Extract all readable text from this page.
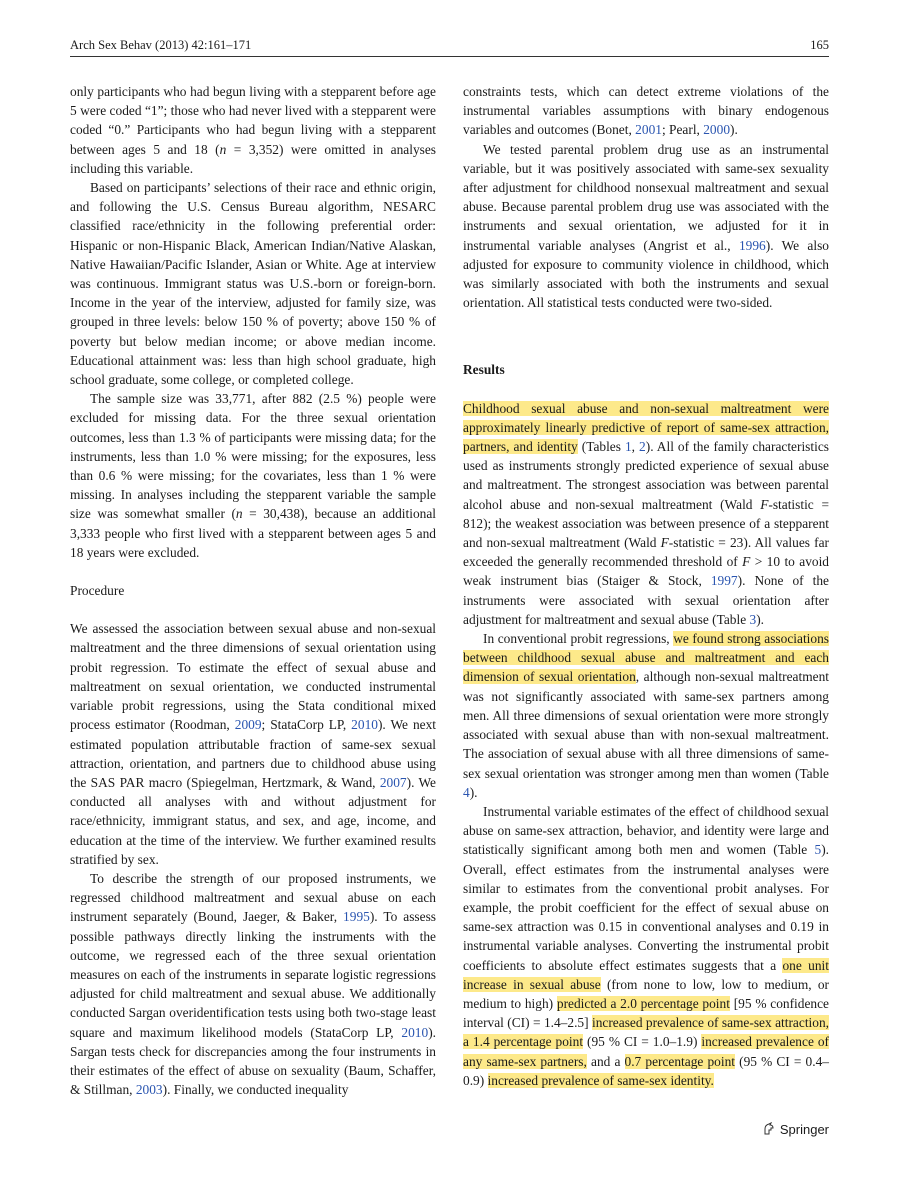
Arch Sex Behav (2013) 42:161–171	165

only participants who had begun living with a stepparent before age 5 were coded “1”; those who had never lived with a stepparent were coded “0.” Participants who had begun living with a stepparent between ages 5 and 18 (n = 3,352) were omitted in analyses including this variable.

Based on participants’ selections of their race and ethnic origin, and following the U.S. Census Bureau algorithm, NESARC classified race/ethnicity in the following preferential order: Hispanic or non-Hispanic Black, American Indian/Native Alaskan, Native Hawaiian/Pacific Islander, Asian or White. Age at interview was continuous. Immigrant status was U.S.-born or foreign-born. Income in the year of the interview, adjusted for family size, was grouped in three levels: below 150 % of poverty; above 150 % of poverty but below median income; or above median income. Educational attainment was: less than high school graduate, high school graduate, some college, or completed college.

The sample size was 33,771, after 882 (2.5 %) people were excluded for missing data. For the three sexual orientation outcomes, less than 1.3 % of participants were missing data; for the instruments, less than 1.0 % were missing; for the exposures, less than 0.6 % were missing; for the covariates, less than 1 % were missing. In analyses including the stepparent variable the sample size was somewhat smaller (n = 30,438), because an additional 3,333 people who first lived with a stepparent between ages 5 and 18 years were excluded.

Procedure

We assessed the association between sexual abuse and non-sexual maltreatment and the three dimensions of sexual orientation using probit regression. To estimate the effect of sexual abuse and maltreatment on sexual orientation, we conducted instrumental variable probit regressions, using the Stata conditional mixed process estimator (Roodman, 2009; StataCorp LP, 2010). We next estimated population attributable fraction of same-sex sexual attraction, orientation, and partners due to childhood abuse using the SAS PAR macro (Spiegelman, Hertzmark, & Wand, 2007). We conducted all analyses with and without adjustment for race/ethnicity, immigrant status, and sex, and age, income, and education at the time of the interview. We further examined results stratified by sex.

To describe the strength of our proposed instruments, we regressed childhood maltreatment and sexual abuse on each instrument separately (Bound, Jaeger, & Baker, 1995). To assess possible pathways directly linking the instruments with the outcome, we regressed each of the three sexual orientation measures on each of the instruments in separate logistic regressions adjusted for child maltreatment and sexual abuse. We additionally conducted Sargan overidentification tests using both two-stage least square and maximum likelihood models (StataCorp LP, 2010). Sargan tests check for discrepancies among the four instruments in their estimates of the effect of abuse on sexuality (Baum, Schaffer, & Stillman, 2003). Finally, we conducted inequality

constraints tests, which can detect extreme violations of the instrumental variables assumptions with binary endogenous variables and outcomes (Bonet, 2001; Pearl, 2000).

We tested parental problem drug use as an instrumental variable, but it was positively associated with same-sex sexuality after adjustment for childhood nonsexual maltreatment and sexual abuse. Because parental problem drug use was associated with the instruments and sexual orientation, we adjusted for it in instrumental variable analyses (Angrist et al., 1996). We also adjusted for exposure to community violence in childhood, which was similarly associated with both the instruments and sexual orientation. All statistical tests conducted were two-sided.

Results

Childhood sexual abuse and non-sexual maltreatment were approximately linearly predictive of report of same-sex attraction, partners, and identity (Tables 1, 2). All of the family characteristics used as instruments strongly predicted experience of sexual abuse and maltreatment. The strongest association was between parental alcohol abuse and non-sexual maltreatment (Wald F-statistic = 812); the weakest association was between presence of a stepparent and non-sexual maltreatment (Wald F-statistic = 23). All values far exceeded the generally recommended threshold of F > 10 to avoid weak instrument bias (Staiger & Stock, 1997). None of the instruments were associated with sexual orientation after adjustment for maltreatment and sexual abuse (Table 3).

In conventional probit regressions, we found strong associations between childhood sexual abuse and maltreatment and each dimension of sexual orientation, although non-sexual maltreatment was not significantly associated with same-sex partners among men. All three dimensions of sexual orientation were more strongly associated with sexual abuse than with non-sexual maltreatment. The association of sexual abuse with all three dimensions of same-sex sexual orientation was stronger among men than women (Table 4).

Instrumental variable estimates of the effect of childhood sexual abuse on same-sex attraction, behavior, and identity were large and statistically significant among both men and women (Table 5). Overall, effect estimates from the instrumental analyses were similar to estimates from the conventional probit analyses. For example, the probit coefficient for the effect of sexual abuse on same-sex attraction was 0.15 in conventional analyses and 0.19 in instrumental variable analyses. Converting the instrumental probit coefficients to absolute effect estimates suggests that a one unit increase in sexual abuse (from none to low, low to medium, or medium to high) predicted a 2.0 percentage point [95 % confidence interval (CI) = 1.4–2.5] increased prevalence of same-sex attraction, a 1.4 percentage point (95 % CI = 1.0–1.9) increased prevalence of any same-sex partners, and a 0.7 percentage point (95 % CI = 0.4–0.9) increased prevalence of same-sex identity.

Springer
